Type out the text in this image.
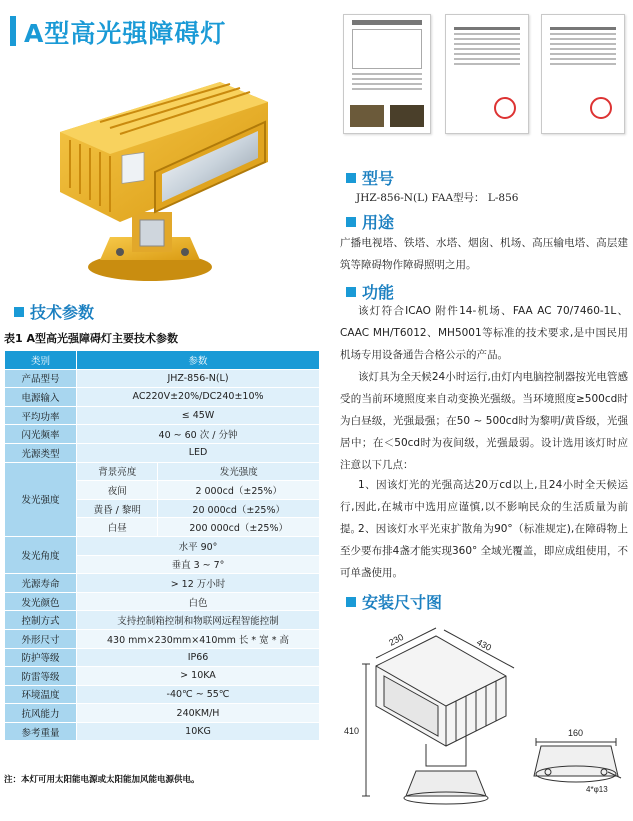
A型高光强障碍灯
技术参数
表1 A型高光强障碍灯主要技术参数
类别	参数	
产品型号	JHZ-856-N(L)	
电源输入	AC220V±20%/DC240±10%	
平均功率	≤ 45W	
闪光频率	40 ~ 60 次 / 分钟	
光源类型	LED	
发光强度	背景亮度	发光强度
	夜间	2 000cd（±25%）
	黄昏 / 黎明	20 000cd（±25%）
	白昼	200 000cd（±25%）
发光角度	水平 90°	
	垂直 3 ~ 7°	
光源寿命	> 12 万小时	
发光颜色	白色	
控制方式	支持控制箱控制和物联网远程智能控制	
外形尺寸	430 mm×230mm×410mm 长 * 宽 * 高	
防护等级	IP66	
防雷等级	> 10KA	
环境温度	-40℃ ~ 55℃	
抗风能力	240KM/H	
参考重量	10KG	
注：本灯可用太阳能电源或太阳能加风能电源供电。
型号
JHZ-856-N(L) FAA型号： L-856
用途
广播电视塔、铁塔、水塔、烟囱、机场、高压输电塔、高层建筑等障碍物作障碍照明之用。
功能
该灯符合ICAO 附件14-机场、FAA AC 70/7460-1L、CAAC MH/T6012、MH5001等标准的技术要求,是中国民用机场专用设备通告合格公示的产品。
该灯具为全天候24小时运行,由灯内电脑控制器按光电管感受的当前环境照度来自动变换光强级。当环境照度≥500cd时为白昼级，光强最强；在50 ~ 500cd时为黎明/黄昏级，光强居中；在＜50cd时为夜间级，光强最弱。设计选用该灯时应注意以下几点：
1、因该灯光的光强高达20万cd以上,且24小时全天候运行,因此,在城市中选用应谨慎,以不影响民众的生活质量为前提。
2、因该灯水平光束扩散角为90°（标准规定),在障碍物上至少要布排4盏才能实现360° 全域光覆盖，即应成组使用，不可单盏使用。
安装尺寸图
410
230	430
160
4*φ13
